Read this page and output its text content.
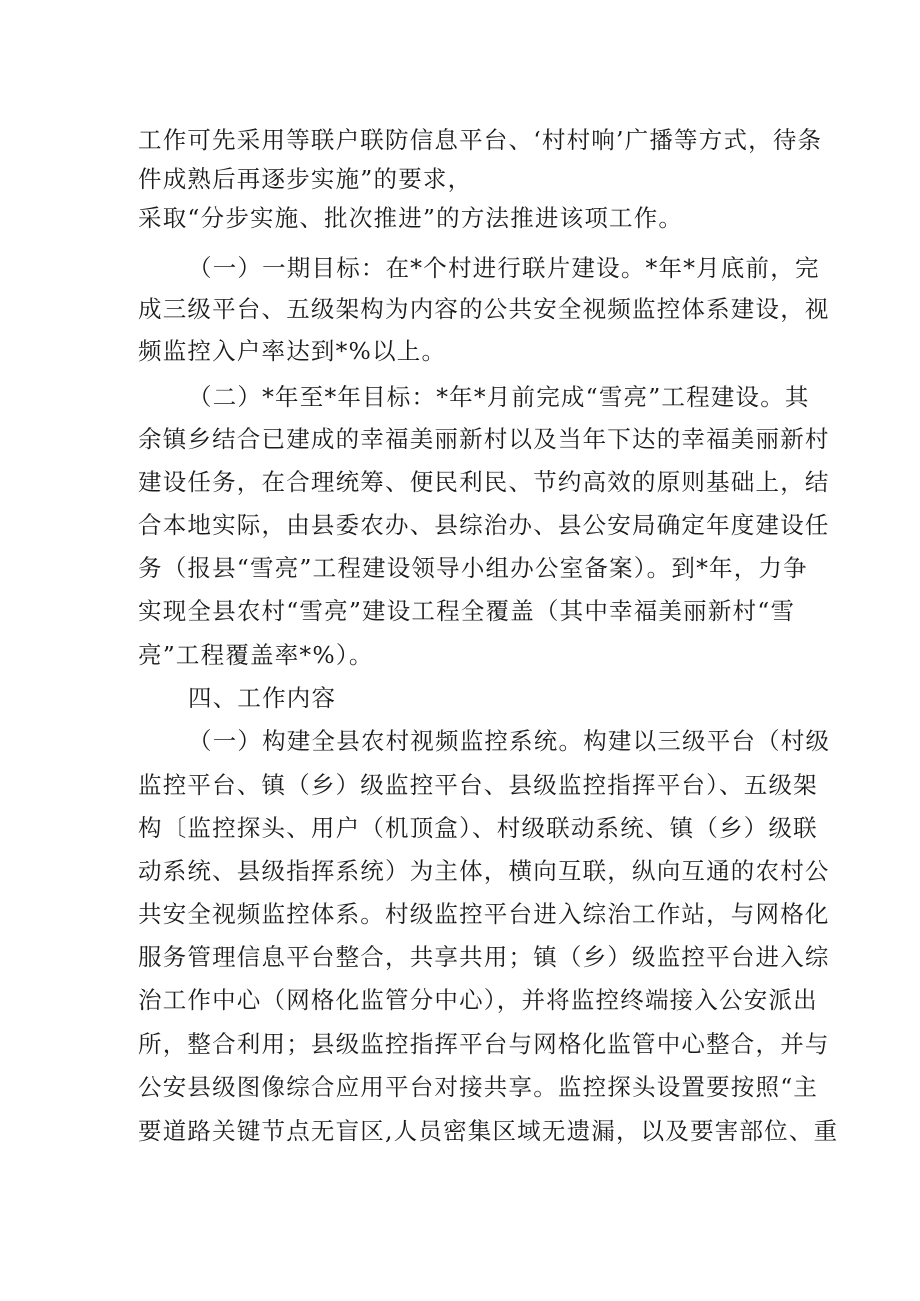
工作可先采用等联户联防信息平台、‘村村响’广播等方式，待条
件成熟后再逐步实施”的要求，
采取“分步实施、批次推进”的方法推进该项工作。
（一）一期目标：在*个村进行联片建设。*年*月底前，完
成三级平台、五级架构为内容的公共安全视频监控体系建设，视
频监控入户率达到*%以上。
（二）*年至*年目标：*年*月前完成“雪亮”工程建设。其
余镇乡结合已建成的幸福美丽新村以及当年下达的幸福美丽新村
建设任务，在合理统筹、便民利民、节约高效的原则基础上，结
合本地实际，由县委农办、县综治办、县公安局确定年度建设任
务（报县“雪亮”工程建设领导小组办公室备案）。到*年，力争
实现全县农村“雪亮”建设工程全覆盖（其中幸福美丽新村“雪
亮”工程覆盖率*%）。
四、工作内容
（一）构建全县农村视频监控系统。构建以三级平台（村级
监控平台、镇（乡）级监控平台、县级监控指挥平台）、五级架
构〔监控探头、用户（机顶盒）、村级联动系统、镇（乡）级联
动系统、县级指挥系统）为主体，横向互联，纵向互通的农村公
共安全视频监控体系。村级监控平台进入综治工作站，与网格化
服务管理信息平台整合，共享共用；镇（乡）级监控平台进入综
治工作中心（网格化监管分中心），并将监控终端接入公安派出
所，整合利用；县级监控指挥平台与网格化监管中心整合，并与
公安县级图像综合应用平台对接共享。监控探头设置要按照“主
要道路关键节点无盲区,人员密集区域无遗漏，以及要害部位、重
